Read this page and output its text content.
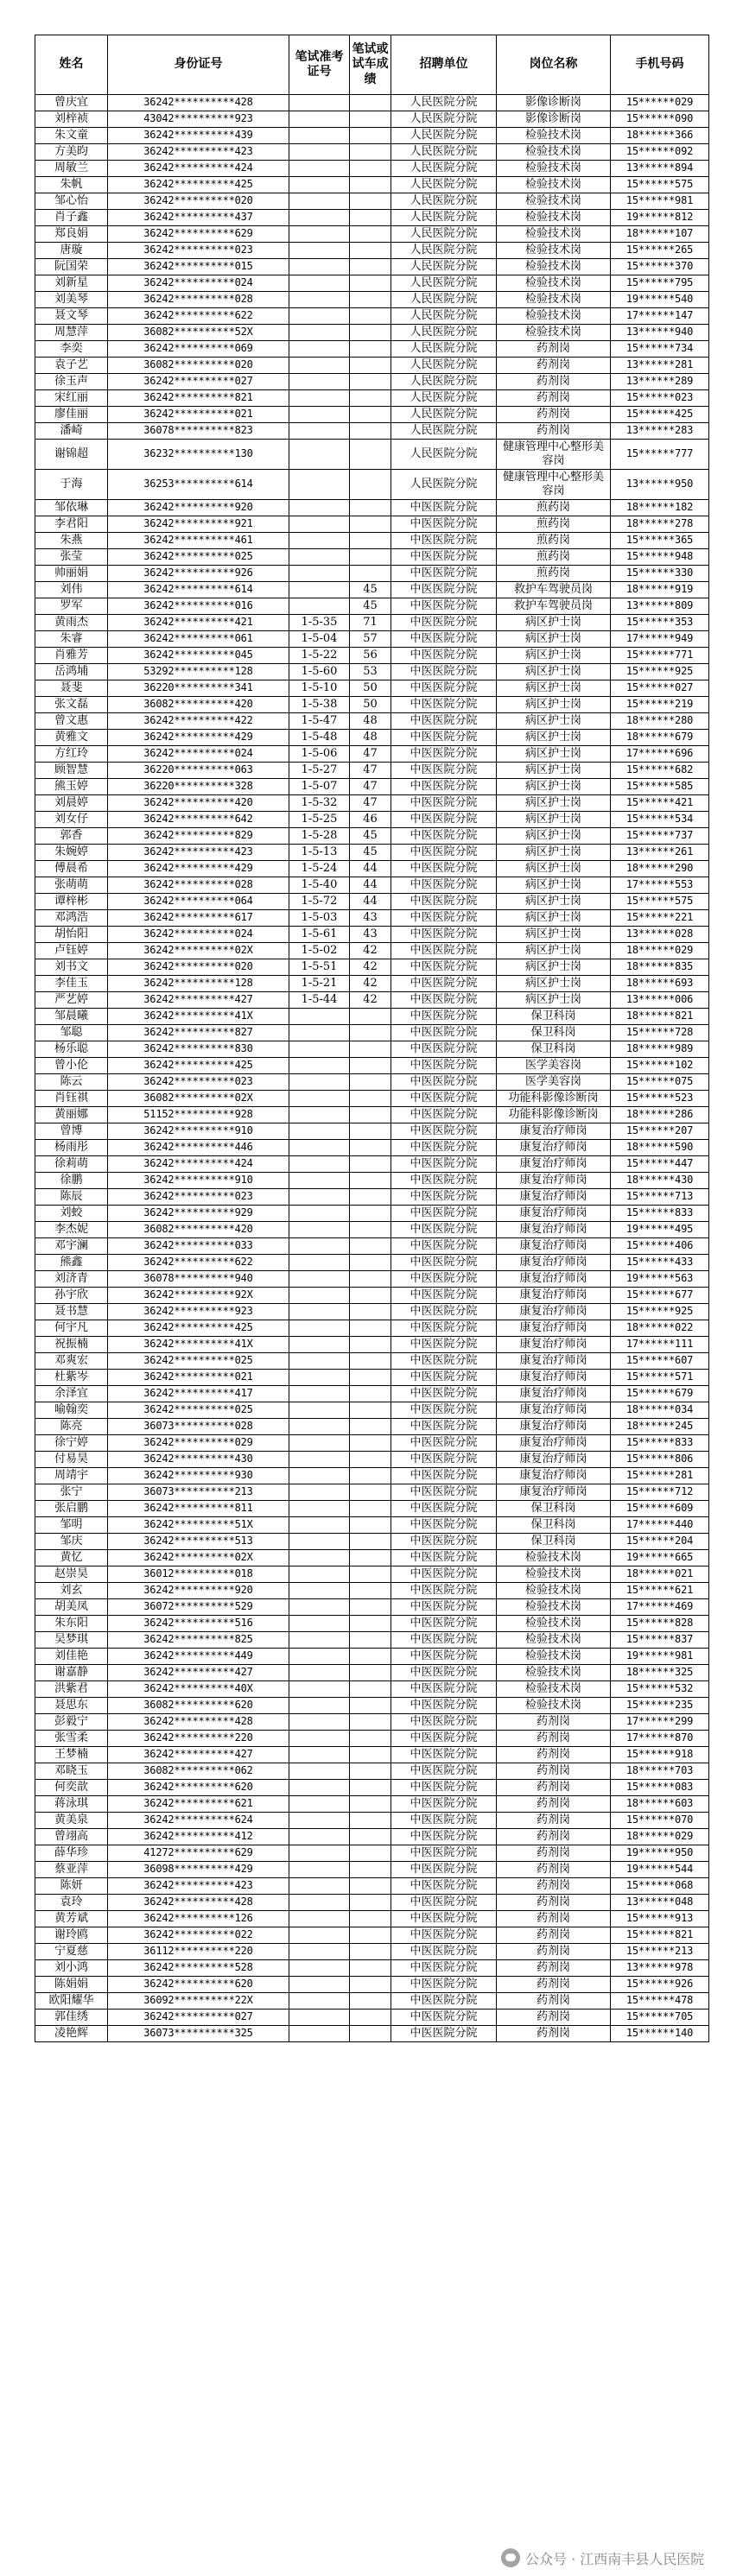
姓名	身份证号	笔试准考证号	笔试或试车成绩	招聘单位	岗位名称	手机号码
曾庆宜	36242**********428			人民医院分院	影像诊断岗	15******029
刘梓祯	43042**********923			人民医院分院	影像诊断岗	15******090
朱文童	36242**********439			人民医院分院	检验技术岗	18******366
方美昀	36242**********423			人民医院分院	检验技术岗	15******092
周敏兰	36242**********424			人民医院分院	检验技术岗	13******894
朱帆	36242**********425			人民医院分院	检验技术岗	15******575
邹心怡	36242**********020			人民医院分院	检验技术岗	15******981
肖子鑫	36242**********437			人民医院分院	检验技术岗	19******812
郑良娟	36242**********629			人民医院分院	检验技术岗	18******107
唐璇	36242**********023			人民医院分院	检验技术岗	15******265
阮国荣	36242**********015			人民医院分院	检验技术岗	15******370
刘新星	36242**********024			人民医院分院	检验技术岗	15******795
刘美琴	36242**********028			人民医院分院	检验技术岗	19******540
聂文琴	36242**********622			人民医院分院	检验技术岗	17******147
周慧萍	36082**********52X			人民医院分院	检验技术岗	13******940
李奕	36242**********069			人民医院分院	药剂岗	15******734
袁子艺	36082**********020			人民医院分院	药剂岗	13******281
徐玉声	36242**********027			人民医院分院	药剂岗	13******289
宋红丽	36242**********821			人民医院分院	药剂岗	15******023
廖佳丽	36242**********021			人民医院分院	药剂岗	15******425
潘崎	36078**********823			人民医院分院	药剂岗	13******283
谢锦超	36232**********130			人民医院分院	健康管理中心整形美容岗	15******777
于海	36253**********614			人民医院分院	健康管理中心整形美容岗	13******950
邹依琳	36242**********920			中医医院分院	煎药岗	18******182
李君阳	36242**********921			中医医院分院	煎药岗	18******278
朱燕	36242**********461			中医医院分院	煎药岗	15******365
张莹	36242**********025			中医医院分院	煎药岗	15******948
帅丽娟	36242**********926			中医医院分院	煎药岗	15******330
刘伟	36242**********614		45	中医医院分院	救护车驾驶员岗	18******919
罗军	36242**********016		45	中医医院分院	救护车驾驶员岗	13******809
黄雨杰	36242**********421	1-5-35	71	中医医院分院	病区护士岗	15******353
朱睿	36242**********061	1-5-04	57	中医医院分院	病区护士岗	17******949
肖雅芳	36242**********045	1-5-22	56	中医医院分院	病区护士岗	15******771
岳鸿埔	53292**********128	1-5-60	53	中医医院分院	病区护士岗	15******925
聂斐	36220**********341	1-5-10	50	中医医院分院	病区护士岗	15******027
张文磊	36082**********420	1-5-38	50	中医医院分院	病区护士岗	15******219
曾文惠	36242**********422	1-5-47	48	中医医院分院	病区护士岗	18******280
黄雅文	36242**********429	1-5-48	48	中医医院分院	病区护士岗	18******679
方红玲	36242**********024	1-5-06	47	中医医院分院	病区护士岗	17******696
顾智慧	36220**********063	1-5-27	47	中医医院分院	病区护士岗	15******682
熊玉婷	36220**********328	1-5-07	47	中医医院分院	病区护士岗	15******585
刘晨婷	36242**********420	1-5-32	47	中医医院分院	病区护士岗	15******421
刘女仔	36242**********642	1-5-25	46	中医医院分院	病区护士岗	15******534
郭香	36242**********829	1-5-28	45	中医医院分院	病区护士岗	15******737
朱婉婷	36242**********423	1-5-13	45	中医医院分院	病区护士岗	13******261
傅晨希	36242**********429	1-5-24	44	中医医院分院	病区护士岗	18******290
张萌萌	36242**********028	1-5-40	44	中医医院分院	病区护士岗	17******553
谭梓彬	36242**********064	1-5-72	44	中医医院分院	病区护士岗	15******575
邓鸿浩	36242**********617	1-5-03	43	中医医院分院	病区护士岗	15******221
胡怡阳	36242**********024	1-5-61	43	中医医院分院	病区护士岗	13******028
卢钰婷	36242**********02X	1-5-02	42	中医医院分院	病区护士岗	18******029
刘书文	36242**********020	1-5-51	42	中医医院分院	病区护士岗	18******835
李佳玉	36242**********128	1-5-21	42	中医医院分院	病区护士岗	18******693
严艺婷	36242**********427	1-5-44	42	中医医院分院	病区护士岗	13******006
邹晨曦	36242**********41X			中医医院分院	保卫科岗	18******821
邹聪	36242**********827			中医医院分院	保卫科岗	15******728
杨乐聪	36242**********830			中医医院分院	保卫科岗	18******989
曾小伦	36242**********425			中医医院分院	医学美容岗	15******102
陈云	36242**********023			中医医院分院	医学美容岗	15******075
肖钰祺	36082**********02X			中医医院分院	功能科影像诊断岗	15******523
黄丽娜	51152**********928			中医医院分院	功能科影像诊断岗	18******286
曾博	36242**********910			中医医院分院	康复治疗师岗	15******207
杨雨彤	36242**********446			中医医院分院	康复治疗师岗	18******590
徐莉萌	36242**********424			中医医院分院	康复治疗师岗	15******447
徐鹏	36242**********910			中医医院分院	康复治疗师岗	18******430
陈辰	36242**********023			中医医院分院	康复治疗师岗	15******713
刘蛟	36242**********929			中医医院分院	康复治疗师岗	15******833
李杰妮	36082**********420			中医医院分院	康复治疗师岗	19******495
邓宇澜	36242**********033			中医医院分院	康复治疗师岗	15******406
熊鑫	36242**********622			中医医院分院	康复治疗师岗	15******433
刘济青	36078**********940			中医医院分院	康复治疗师岗	19******563
孙宇欣	36242**********92X			中医医院分院	康复治疗师岗	15******677
聂书慧	36242**********923			中医医院分院	康复治疗师岗	15******925
何宇凡	36242**********425			中医医院分院	康复治疗师岗	18******022
祝振楠	36242**********41X			中医医院分院	康复治疗师岗	17******111
邓爽宏	36242**********025			中医医院分院	康复治疗师岗	15******607
杜紫岑	36242**********021			中医医院分院	康复治疗师岗	15******571
余泽宜	36242**********417			中医医院分院	康复治疗师岗	15******679
喻翰奕	36242**********025			中医医院分院	康复治疗师岗	18******034
陈亮	36073**********028			中医医院分院	康复治疗师岗	18******245
徐宁婷	36242**********029			中医医院分院	康复治疗师岗	15******833
付易昊	36242**********430			中医医院分院	康复治疗师岗	15******806
周靖宇	36242**********930			中医医院分院	康复治疗师岗	15******281
张宁	36073**********213			中医医院分院	康复治疗师岗	15******712
张启鹏	36242**********811			中医医院分院	保卫科岗	15******609
邹明	36242**********51X			中医医院分院	保卫科岗	17******440
邹庆	36242**********513			中医医院分院	保卫科岗	15******204
黄忆	36242**********02X			中医医院分院	检验技术岗	19******665
赵崇昊	36012**********018			中医医院分院	检验技术岗	18******021
刘玄	36242**********920			中医医院分院	检验技术岗	15******621
胡美凤	36072**********529			中医医院分院	检验技术岗	17******469
朱东阳	36242**********516			中医医院分院	检验技术岗	15******828
吴梦琪	36242**********825			中医医院分院	检验技术岗	15******837
刘佳艳	36242**********449			中医医院分院	检验技术岗	19******981
谢嘉静	36242**********427			中医医院分院	检验技术岗	18******325
洪紫君	36242**********40X			中医医院分院	检验技术岗	15******532
聂思东	36082**********620			中医医院分院	检验技术岗	15******235
彭毅宁	36242**********428			中医医院分院	药剂岗	17******299
张雪柔	36242**********220			中医医院分院	药剂岗	17******870
王梦楠	36242**********427			中医医院分院	药剂岗	15******918
邓晓玉	36082**********062			中医医院分院	药剂岗	18******703
何奕歆	36242**********620			中医医院分院	药剂岗	15******083
蒋泳琪	36242**********621			中医医院分院	药剂岗	18******603
黄美泉	36242**********624			中医医院分院	药剂岗	15******070
曾翊高	36242**********412			中医医院分院	药剂岗	18******029
薛华珍	41272**********629			中医医院分院	药剂岗	19******950
蔡亚萍	36098**********429			中医医院分院	药剂岗	19******544
陈妍	36242**********423			中医医院分院	药剂岗	15******068
袁玲	36242**********428			中医医院分院	药剂岗	13******048
黄芳斌	36242**********126			中医医院分院	药剂岗	15******913
谢玲鸥	36242**********022			中医医院分院	药剂岗	15******821
宁夏慈	36112**********220			中医医院分院	药剂岗	15******213
刘小鸿	36242**********528			中医医院分院	药剂岗	13******978
陈娟娟	36242**********620			中医医院分院	药剂岗	15******926
欧阳耀华	36092**********22X			中医医院分院	药剂岗	15******478
郭佳绣	36242**********027			中医医院分院	药剂岗	15******705
凌艳辉	36073**********325			中医医院分院	药剂岗	15******140
公众号 · 江西南丰县人民医院
